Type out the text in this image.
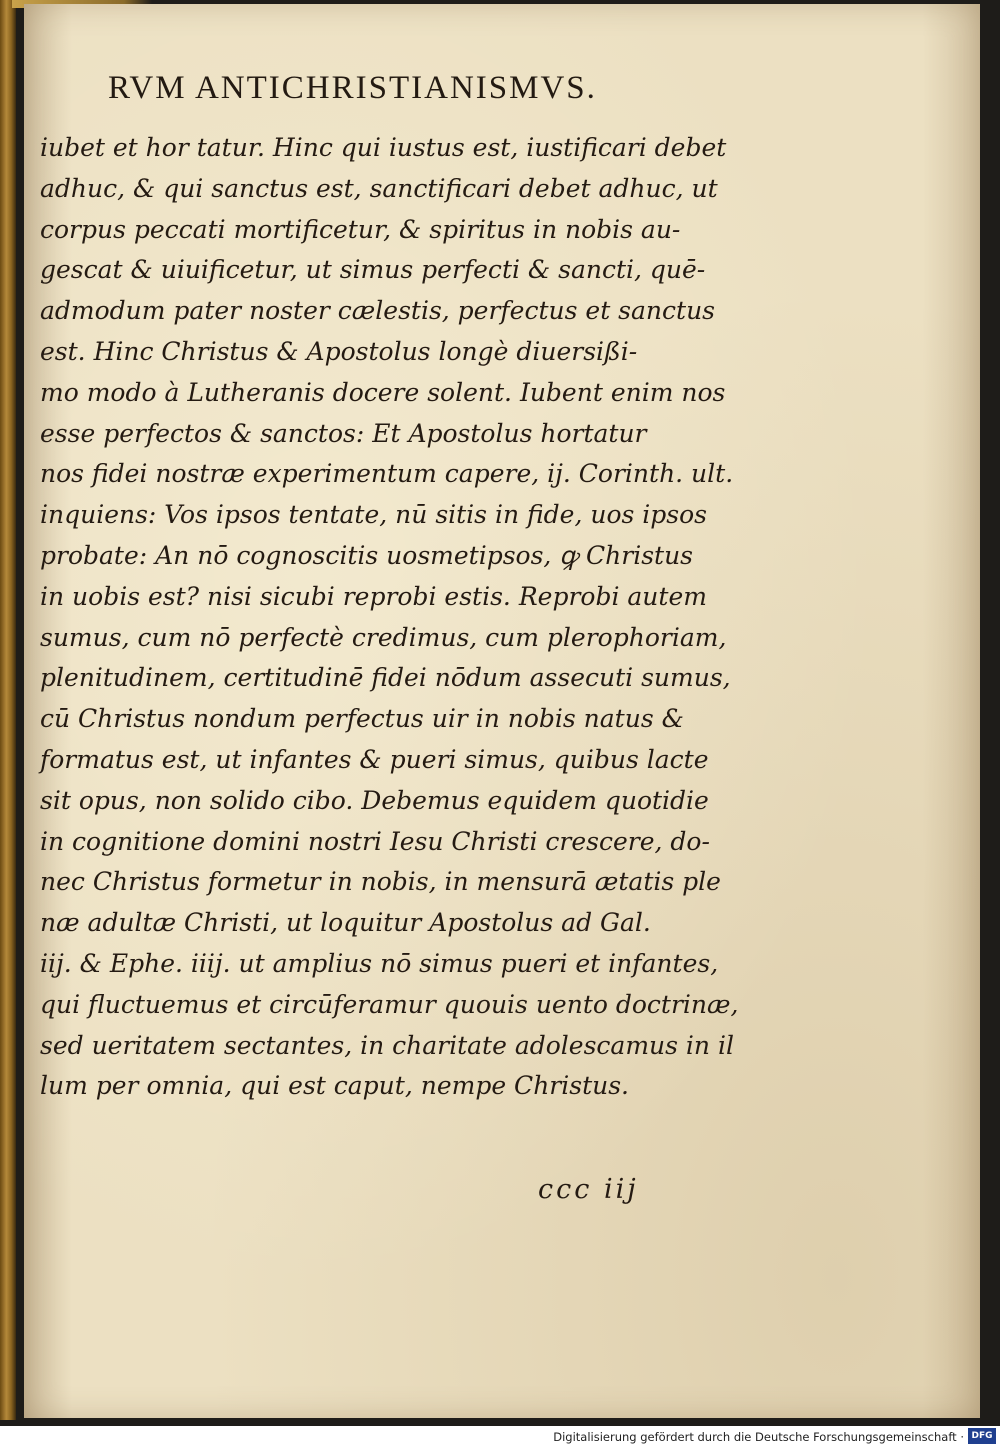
RVM ANTICHRISTIANISMVS.
iubet et hor tatur. Hinc qui iustus est, iustificari debet
adhuc, & qui sanctus est, sanctificari debet adhuc, ut
corpus peccati mortificetur, & spiritus in nobis au-
gescat & uiuificetur, ut simus perfecti & sancti, quē-
admodum pater noster cælestis, perfectus et sanctus
est. Hinc Christus & Apostolus longè diuersißi-
mo modo à Lutheranis docere solent. Iubent enim nos
esse perfectos & sanctos: Et Apostolus hortatur
nos fidei nostræ experimentum capere, ij. Corinth. ult.
inquiens: Vos ipsos tentate, nū sitis in fide, uos ipsos
probate: An nō cognoscitis uosmetipsos, ꝙ Christus
in uobis est? nisi sicubi reprobi estis. Reprobi autem
sumus, cum nō perfectè credimus, cum plerophoriam,
plenitudinem, certitudinē fidei nōdum assecuti sumus,
cū Christus nondum perfectus uir in nobis natus &
formatus est, ut infantes & pueri simus, quibus lacte
sit opus, non solido cibo. Debemus equidem quotidie
in cognitione domini nostri Iesu Christi crescere, do-
nec Christus formetur in nobis, in mensurā ætatis ple
næ adultæ Christi, ut loquitur Apostolus ad Gal.
iij. & Ephe. iiij. ut amplius nō simus pueri et infantes,
qui fluctuemus et circūferamur quouis uento doctrinæ,
sed ueritatem sectantes, in charitate adolescamus in il
lum per omnia, qui est caput, nempe Christus.
ccc iij
Digitalisierung gefördert durch die Deutsche Forschungsgemeinschaft · DFG
